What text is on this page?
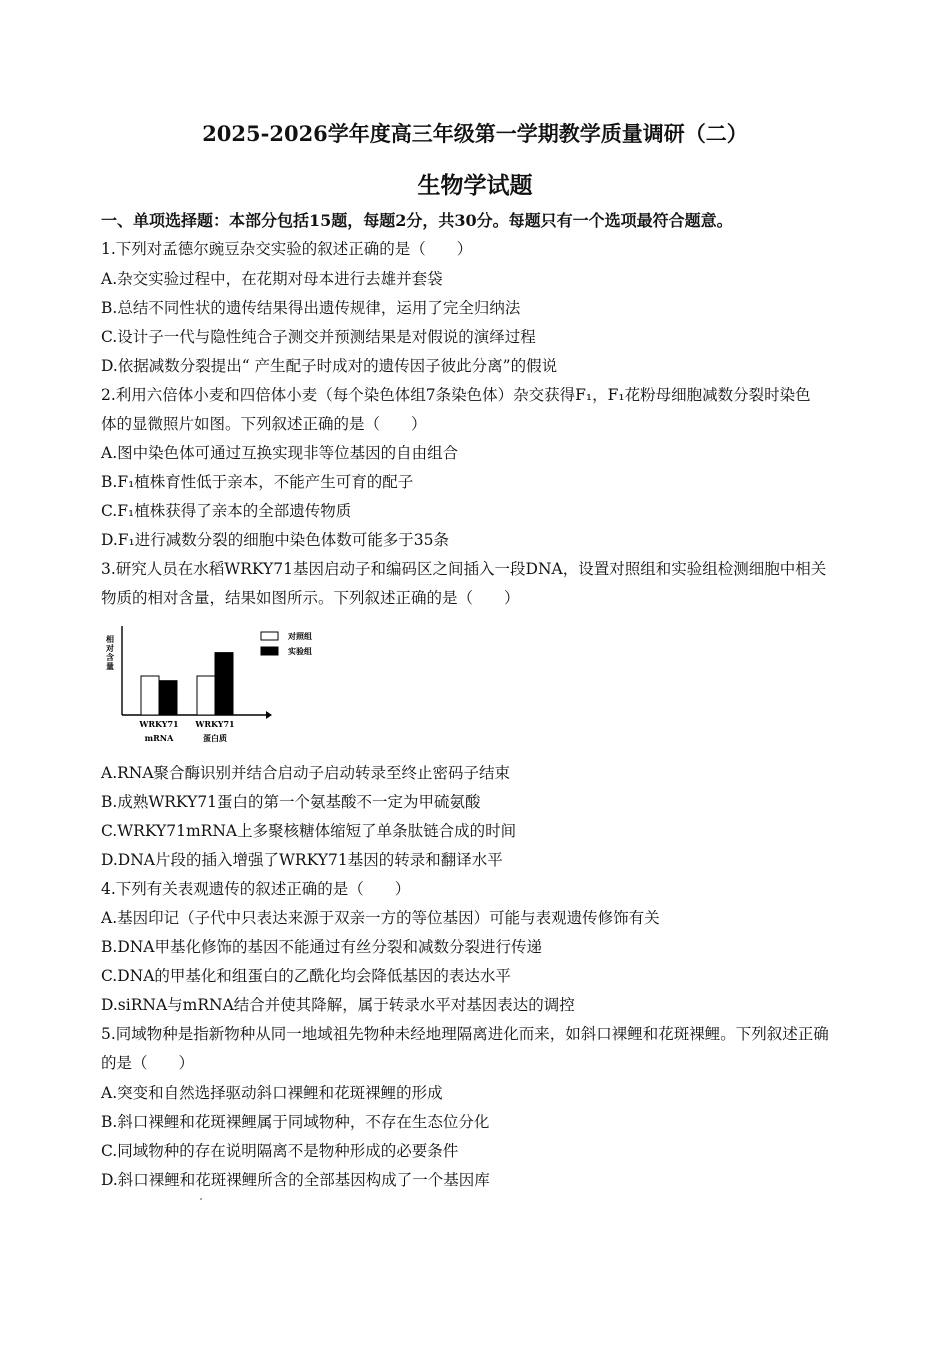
2025-2026学年度高三年级第一学期教学质量调研（二）
生物学试题
一、单项选择题：本部分包括15题，每题2分，共30分。每题只有一个选项最符合题意。
1.下列对孟德尔豌豆杂交实验的叙述正确的是（　　）
A.杂交实验过程中，在花期对母本进行去雄并套袋
B.总结不同性状的遗传结果得出遗传规律，运用了完全归纳法
C.设计子一代与隐性纯合子测交并预测结果是对假说的演绎过程
D.依据减数分裂提出“ 产生配子时成对的遗传因子彼此分离”的假说
2.利用六倍体小麦和四倍体小麦（每个染色体组7条染色体）杂交获得F₁，F₁花粉母细胞减数分裂时染色
体的显微照片如图。下列叙述正确的是（　　）
A.图中染色体可通过互换实现非等位基因的自由组合
B.F₁植株育性低于亲本，不能产生可育的配子
C.F₁植株获得了亲本的全部遗传物质
D.F₁进行减数分裂的细胞中染色体数可能多于35条
3.研究人员在水稻WRKY71基因启动子和编码区之间插入一段DNA，设置对照组和实验组检测细胞中相关
物质的相对含量，结果如图所示。下列叙述正确的是（　　）
相对含量
WRKY71
mRNA
WRKY71
蛋白质
对照组
实验组
A.RNA聚合酶识别并结合启动子启动转录至终止密码子结束
B.成熟WRKY71蛋白的第一个氨基酸不一定为甲硫氨酸
C.WRKY71mRNA上多聚核糖体缩短了单条肽链合成的时间
D.DNA片段的插入增强了WRKY71基因的转录和翻译水平
4.下列有关表观遗传的叙述正确的是（　　）
A.基因印记（子代中只表达来源于双亲一方的等位基因）可能与表观遗传修饰有关
B.DNA甲基化修饰的基因不能通过有丝分裂和减数分裂进行传递
C.DNA的甲基化和组蛋白的乙酰化均会降低基因的表达水平
D.siRNA与mRNA结合并使其降解，属于转录水平对基因表达的调控
5.同域物种是指新物种从同一地域祖先物种未经地理隔离进化而来，如斜口裸鲤和花斑裸鲤。下列叙述正确
的是（　　）
A.突变和自然选择驱动斜口裸鲤和花斑裸鲤的形成
B.斜口裸鲤和花斑裸鲤属于同域物种，不存在生态位分化
C.同域物种的存在说明隔离不是物种形成的必要条件
D.斜口裸鲤和花斑裸鲤所含的全部基因构成了一个基因库
